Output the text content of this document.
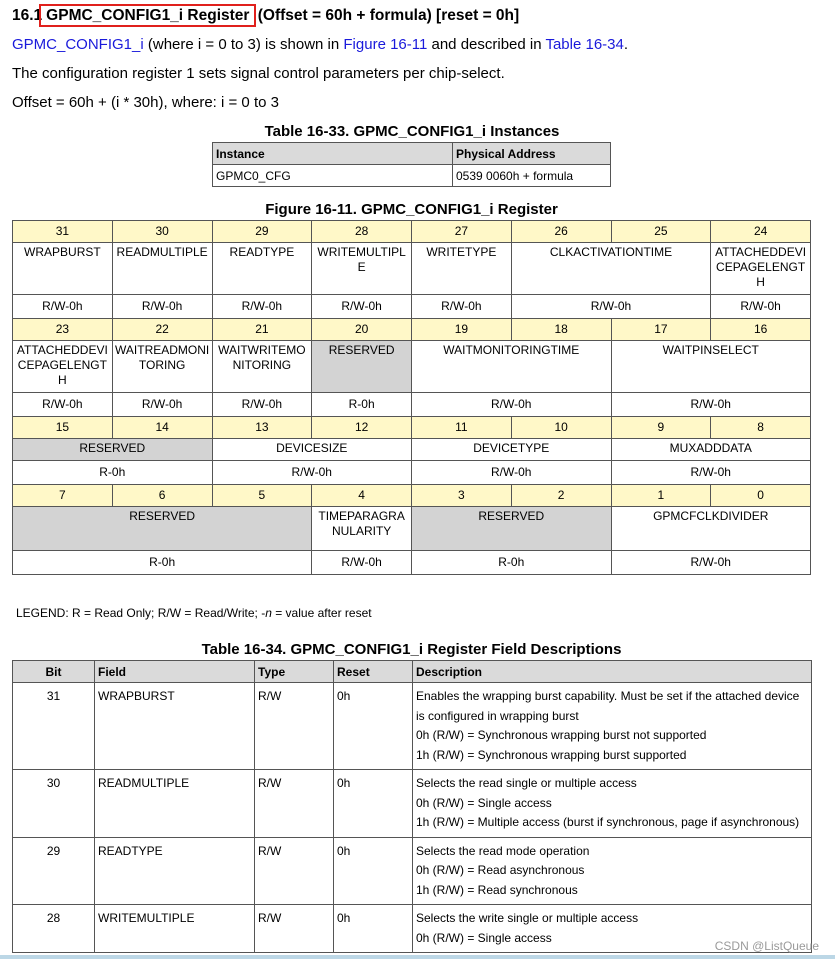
16.1 GPMC_CONFIG1_i Register (Offset = 60h + formula) [reset = 0h]
GPMC_CONFIG1_i (where i = 0 to 3) is shown in Figure 16-11 and described in Table 16-34.
The configuration register 1 sets signal control parameters per chip-select.
Offset = 60h + (i * 30h), where: i = 0 to 3
Table 16-33. GPMC_CONFIG1_i Instances
Instance	Physical Address
GPMC0_CFG	0539 0060h + formula
Figure 16-11. GPMC_CONFIG1_i Register
31	30	29	28	27	26	25	24
WRAPBURST	READMULTIPLE	READTYPE	WRITEMULTIPLE	WRITETYPE	CLKACTIVATIONTIME		ATTACHEDDEVICEPAGELENGTH
R/W-0h	R/W-0h	R/W-0h	R/W-0h	R/W-0h	R/W-0h		R/W-0h
23	22	21	20	19	18	17	16
ATTACHEDDEVICEPAGELENGTH	WAITREADMONITORING	WAITWRITEMONITORING	RESERVED	WAITMONITORINGTIME		WAITPINSELECT	
R/W-0h	R/W-0h	R/W-0h	R-0h	R/W-0h		R/W-0h	
15	14	13	12	11	10	9	8
RESERVED		DEVICESIZE		DEVICETYPE		MUXADDDATA	
R-0h		R/W-0h		R/W-0h		R/W-0h	
7	6	5	4	3	2	1	0
RESERVED			TIMEPARAGRANULARITY	RESERVED		GPMCFCLKDIVIDER	
R-0h			R/W-0h	R-0h		R/W-0h	
LEGEND: R = Read Only; R/W = Read/Write; -n = value after reset
Table 16-34. GPMC_CONFIG1_i Register Field Descriptions
Bit	Field	Type	Reset	Description
31	WRAPBURST	R/W	0h	Enables the wrapping burst capability. Must be set if the attached device is configured in wrapping burst
0h (R/W) = Synchronous wrapping burst not supported
1h (R/W) = Synchronous wrapping burst supported

30	READMULTIPLE	R/W	0h	Selects the read single or multiple access
0h (R/W) = Single access
1h (R/W) = Multiple access (burst if synchronous, page if asynchronous)

29	READTYPE	R/W	0h	Selects the read mode operation
0h (R/W) = Read asynchronous
1h (R/W) = Read synchronous

28	WRITEMULTIPLE	R/W	0h	Selects the write single or multiple access
0h (R/W) = Single access
CSDN @ListQueue
